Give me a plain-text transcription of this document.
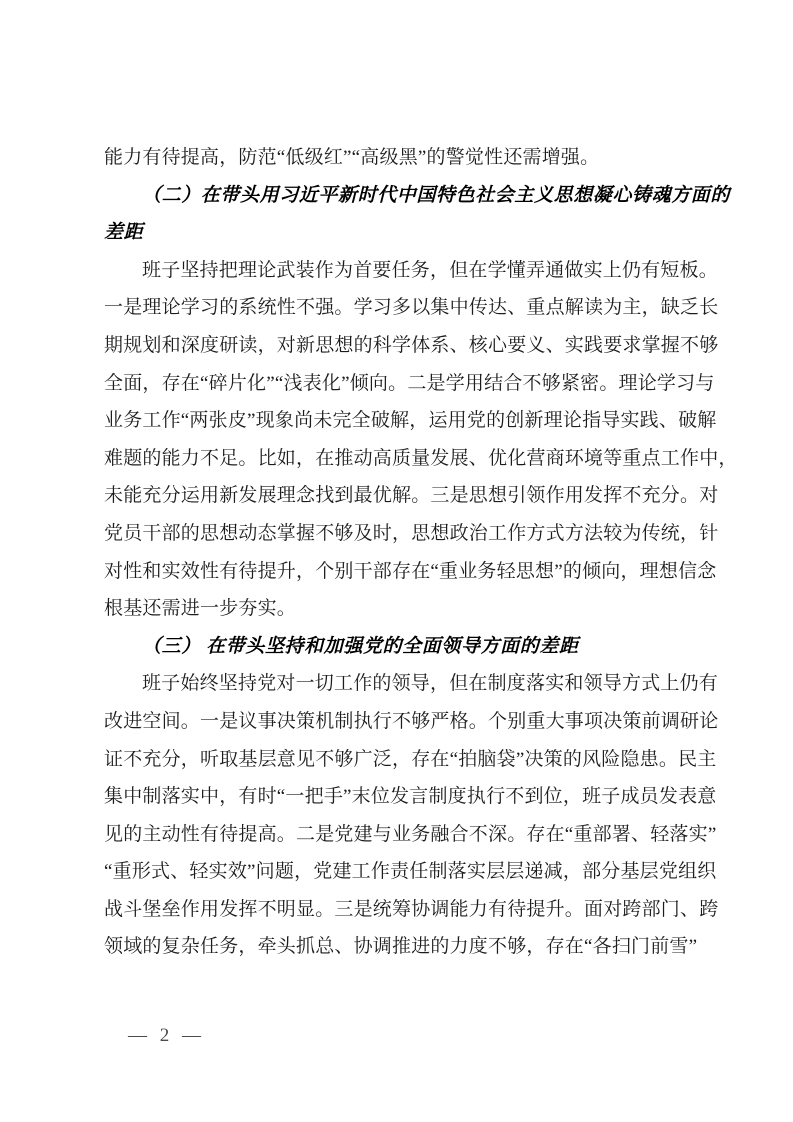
能力有待提高，防范“低级红”“高级黑”的警觉性还需增强。
（二）在带头用习近平新时代中国特色社会主义思想凝心铸魂方面的
差距
班子坚持把理论武装作为首要任务，但在学懂弄通做实上仍有短板。
一是理论学习的系统性不强。学习多以集中传达、重点解读为主，缺乏长
期规划和深度研读，对新思想的科学体系、核心要义、实践要求掌握不够
全面，存在“碎片化”“浅表化”倾向。二是学用结合不够紧密。理论学习与
业务工作“两张皮”现象尚未完全破解，运用党的创新理论指导实践、破解
难题的能力不足。比如，在推动高质量发展、优化营商环境等重点工作中，
未能充分运用新发展理念找到最优解。三是思想引领作用发挥不充分。对
党员干部的思想动态掌握不够及时，思想政治工作方式方法较为传统，针
对性和实效性有待提升，个别干部存在“重业务轻思想”的倾向，理想信念
根基还需进一步夯实。
（三） 在带头坚持和加强党的全面领导方面的差距
班子始终坚持党对一切工作的领导，但在制度落实和领导方式上仍有
改进空间。一是议事决策机制执行不够严格。个别重大事项决策前调研论
证不充分，听取基层意见不够广泛，存在“拍脑袋”决策的风险隐患。民主
集中制落实中，有时“一把手”末位发言制度执行不到位，班子成员发表意
见的主动性有待提高。二是党建与业务融合不深。存在“重部署、轻落实”
“重形式、轻实效”问题，党建工作责任制落实层层递减，部分基层党组织
战斗堡垒作用发挥不明显。三是统筹协调能力有待提升。面对跨部门、跨
领域的复杂任务，牵头抓总、协调推进的力度不够，存在“各扫门前雪”
— 2 —
